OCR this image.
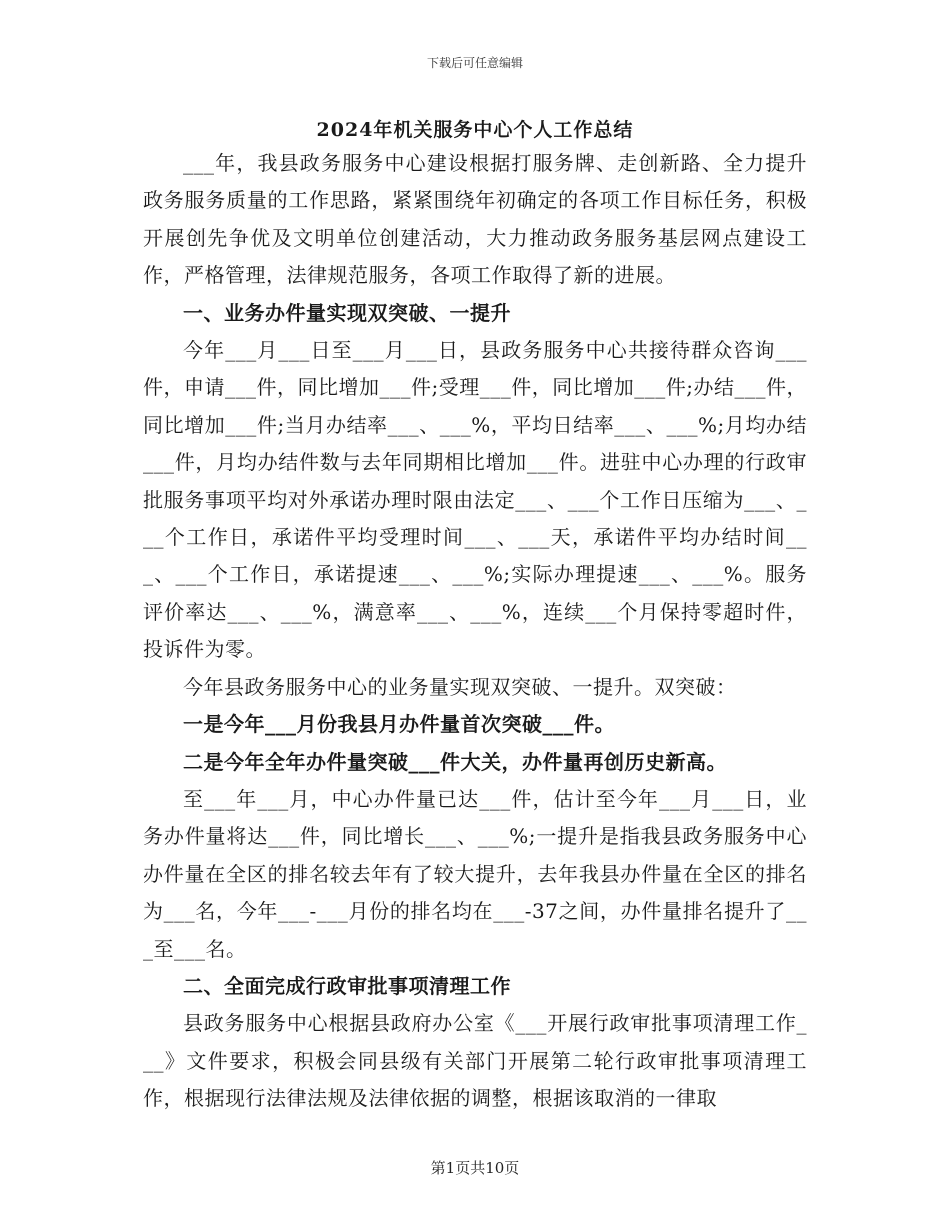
下载后可任意编辑
2024年机关服务中心个人工作总结

___年，我县政务服务中心建设根据打服务牌、走创新路、全力提升政务服务质量的工作思路，紧紧围绕年初确定的各项工作目标任务，积极开展创先争优及文明单位创建活动，大力推动政务服务基层网点建设工作，严格管理，法律规范服务，各项工作取得了新的进展。

一、业务办件量实现双突破、一提升

今年___月___日至___月___日，县政务服务中心共接待群众咨询___件，申请___件，同比增加___件;受理___件，同比增加___件;办结___件，同比增加___件;当月办结率___、___%，平均日结率___、___%;月均办结___件，月均办结件数与去年同期相比增加___件。进驻中心办理的行政审批服务事项平均对外承诺办理时限由法定___、___个工作日压缩为___、___个工作日，承诺件平均受理时间___、___天，承诺件平均办结时间___、___个工作日，承诺提速___、___%;实际办理提速___、___%。服务评价率达___、___%，满意率___、___%，连续___个月保持零超时件，投诉件为零。

今年县政务服务中心的业务量实现双突破、一提升。双突破：

一是今年___月份我县月办件量首次突破___件。

二是今年全年办件量突破___件大关，办件量再创历史新高。

至___年___月，中心办件量已达___件，估计至今年___月___日，业务办件量将达___件，同比增长___、___%;一提升是指我县政务服务中心办件量在全区的排名较去年有了较大提升，去年我县办件量在全区的排名为___名，今年___-___月份的排名均在___-37之间，办件量排名提升了___至___名。

二、全面完成行政审批事项清理工作

县政务服务中心根据县政府办公室《___开展行政审批事项清理工作___》文件要求，积极会同县级有关部门开展第二轮行政审批事项清理工作，根据现行法律法规及法律依据的调整，根据该取消的一律取

第1页共10页
